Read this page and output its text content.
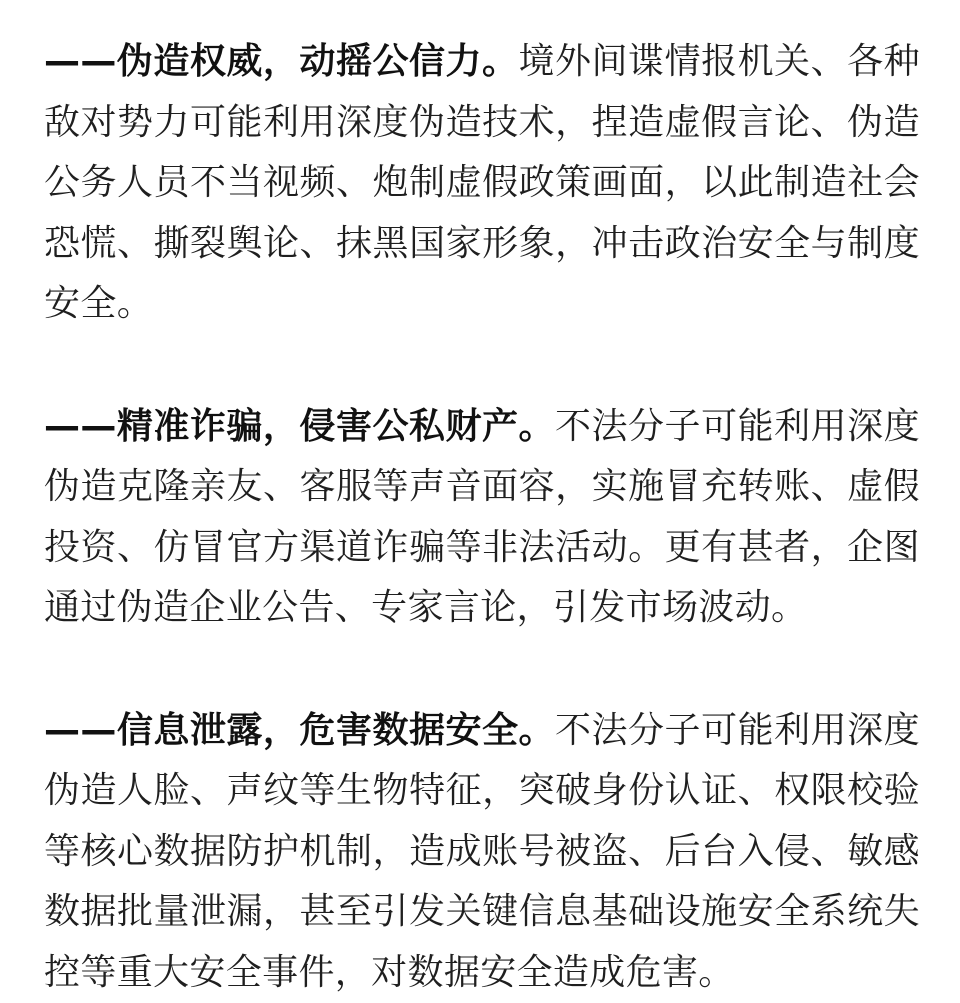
——伪造权威，动摇公信力。境外间谍情报机关、各种敌对势力可能利用深度伪造技术，捏造虚假言论、伪造公务人员不当视频、炮制虚假政策画面，以此制造社会恐慌、撕裂舆论、抹黑国家形象，冲击政治安全与制度安全。

——精准诈骗，侵害公私财产。不法分子可能利用深度伪造克隆亲友、客服等声音面容，实施冒充转账、虚假投资、仿冒官方渠道诈骗等非法活动。更有甚者，企图通过伪造企业公告、专家言论，引发市场波动。

——信息泄露，危害数据安全。不法分子可能利用深度伪造人脸、声纹等生物特征，突破身份认证、权限校验等核心数据防护机制，造成账号被盗、后台入侵、敏感数据批量泄漏，甚至引发关键信息基础设施安全系统失控等重大安全事件，对数据安全造成危害。
